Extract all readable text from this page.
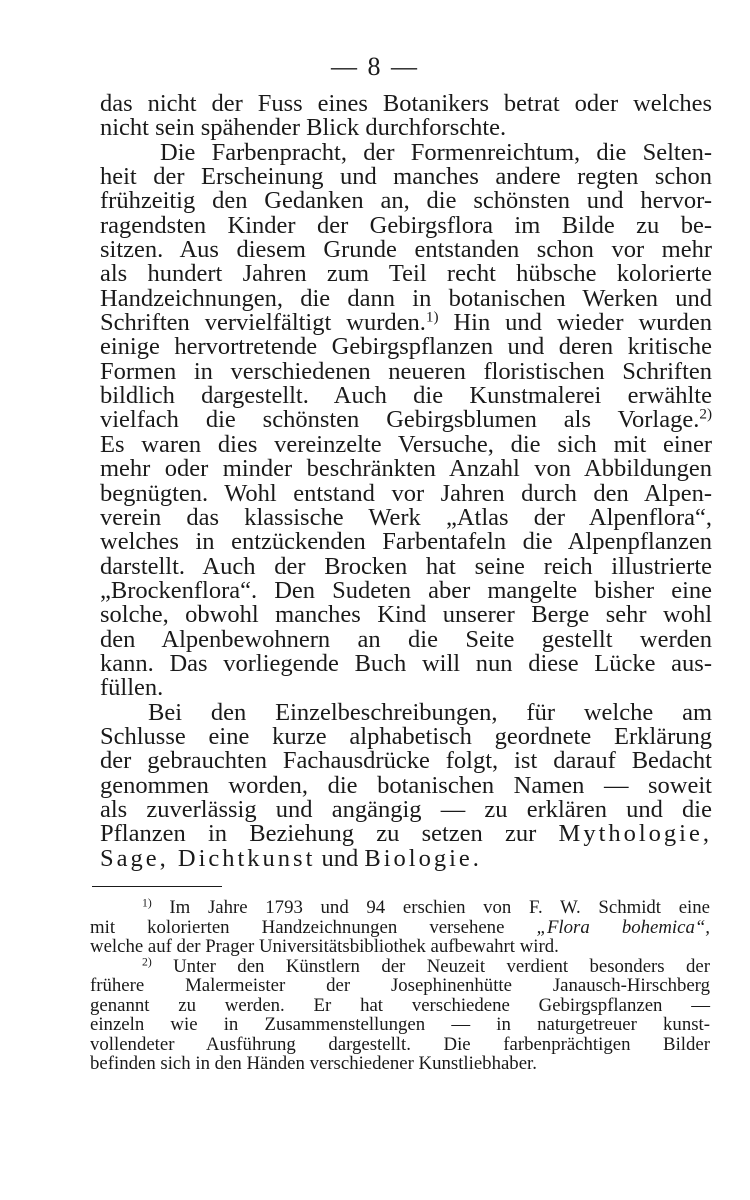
— 8 —
das nicht der Fuss eines Botanikers betrat oder welches
nicht sein spähender Blick durchforschte.
Die Farbenpracht, der Formenreichtum, die Selten-
heit der Erscheinung und manches andere regten schon
frühzeitig den Gedanken an, die schönsten und hervor-
ragendsten Kinder der Gebirgsflora im Bilde zu be-
sitzen. Aus diesem Grunde entstanden schon vor mehr
als hundert Jahren zum Teil recht hübsche kolorierte
Handzeichnungen, die dann in botanischen Werken und
Schriften vervielfältigt wurden.$^{1)}$ Hin und wieder wurden
einige hervortretende Gebirgspflanzen und deren kritische
Formen in verschiedenen neueren floristischen Schriften
bildlich dargestellt. Auch die Kunstmalerei erwählte
vielfach die schönsten Gebirgsblumen als Vorlage.$^{2)}$
Es waren dies vereinzelte Versuche, die sich mit einer
mehr oder minder beschränkten Anzahl von Abbildungen
begnügten. Wohl entstand vor Jahren durch den Alpen-
verein das klassische Werk „Atlas der Alpenflora“,
welches in entzückenden Farbentafeln die Alpenpflanzen
darstellt. Auch der Brocken hat seine reich illustrierte
„Brockenflora“. Den Sudeten aber mangelte bisher eine
solche, obwohl manches Kind unserer Berge sehr wohl
den Alpenbewohnern an die Seite gestellt werden
kann. Das vorliegende Buch will nun diese Lücke aus-
füllen.
Bei den Einzelbeschreibungen, für welche am
Schlusse eine kurze alphabetisch geordnete Erklärung
der gebrauchten Fachausdrücke folgt, ist darauf Bedacht
genommen worden, die botanischen Namen — soweit
als zuverlässig und angängig — zu erklären und die
Pflanzen in Beziehung zu setzen zur Mythologie,
Sage, Dichtkunst und Biologie.
$^{1)}$ Im Jahre 1793 und 94 erschien von F. W. Schmidt eine
mit kolorierten Handzeichnungen versehene „Flora bohemica“,
welche auf der Prager Universitätsbibliothek aufbewahrt wird.
$^{2)}$ Unter den Künstlern der Neuzeit verdient besonders der
frühere Malermeister der Josephinenhütte Janausch-Hirschberg
genannt zu werden. Er hat verschiedene Gebirgspflanzen —
einzeln wie in Zusammenstellungen — in naturgetreuer kunst-
vollendeter Ausführung dargestellt. Die farbenprächtigen Bilder
befinden sich in den Händen verschiedener Kunstliebhaber.
